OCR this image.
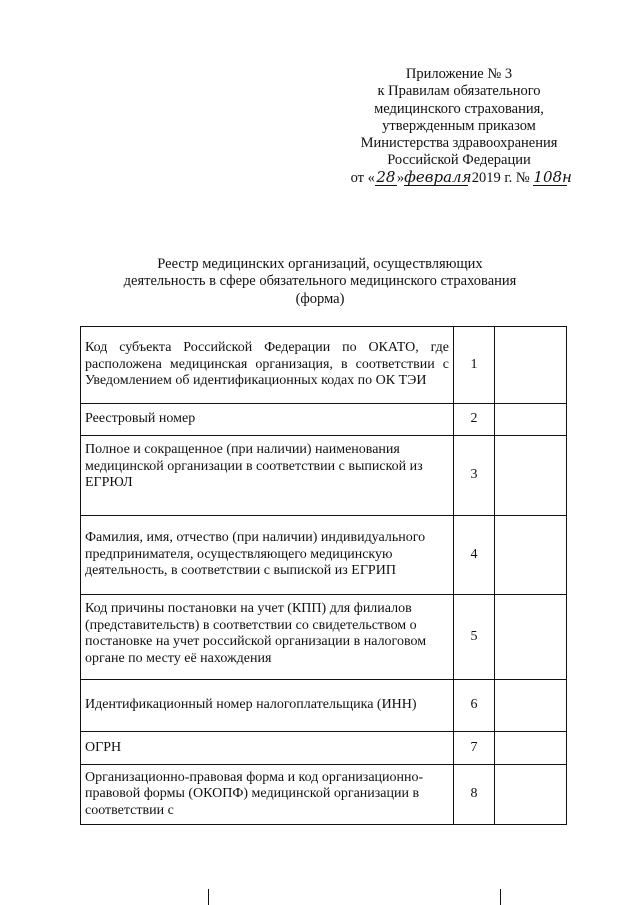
Приложение № 3
к Правилам обязательного
медицинского страхования,
утвержденным приказом
Министерства здравоохранения
Российской Федерации
от «28»февраля 2019 г. № 108н
Реестр медицинских организаций, осуществляющих
деятельность в сфере обязательного медицинского страхования
(форма)
Код субъекта Российской Федерации по ОКАТО, где расположена медицинская организация, в соответствии с Уведомлением об идентификационных кодах по ОК ТЭИ	1	
Реестровый номер	2	
Полное и сокращенное (при наличии) наименования медицинской организации в соответствии с выпиской из ЕГРЮЛ	3	
Фамилия, имя, отчество (при наличии) индивидуального предпринимателя, осуществляющего медицинскую деятельность, в соответствии с выпиской из ЕГРИП	4	
Код причины постановки на учет (КПП) для филиалов (представительств) в соответствии со свидетельством о постановке на учет российской организации в налоговом органе по месту её нахождения	5	
Идентификационный номер налогоплательщика (ИНН)	6	
ОГРН	7	
Организационно-правовая форма и код организационно-правовой формы (ОКОПФ) медицинской организации в соответствии с	8	
